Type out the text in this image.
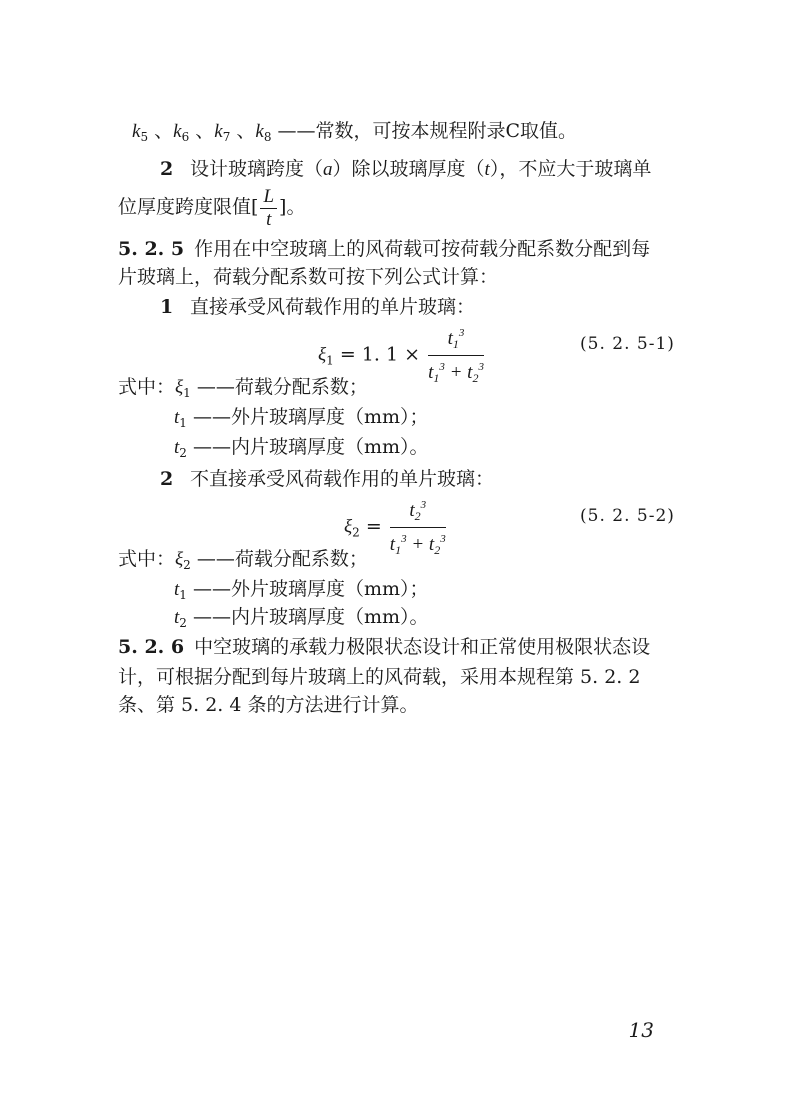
$k_5$ 、$k_6$ 、$k_7$ 、$k_8$ ——常数，可按本规程附录C取值。
2 设计玻璃跨度（a）除以玻璃厚度（t），不应大于玻璃单
位厚度跨度限值[ $\frac{L}{t}$ ]。
5. 2. 5 作用在中空玻璃上的风荷载可按荷载分配系数分配到每
片玻璃上，荷载分配系数可按下列公式计算：
1 直接承受风荷载作用的单片玻璃：
$\xi_1 = 1$. $1 \times \frac{t_1^3}{t_1^3 + t_2^3}$	(5. 2. 5-1)
式中：$\xi_1$ ——荷载分配系数；
$t_1$ ——外片玻璃厚度（mm）；
$t_2$ ——内片玻璃厚度（mm）。
2 不直接承受风荷载作用的单片玻璃：
$\xi_2 = \frac{t_2^3}{t_1^3 + t_2^3}$	(5. 2. 5-2)
式中：$\xi_2$ ——荷载分配系数；
$t_1$ ——外片玻璃厚度（mm）；
$t_2$ ——内片玻璃厚度（mm）。
5. 2. 6 中空玻璃的承载力极限状态设计和正常使用极限状态设
计，可根据分配到每片玻璃上的风荷载，采用本规程第 5. 2. 2
条、第 5. 2. 4 条的方法进行计算。
13
